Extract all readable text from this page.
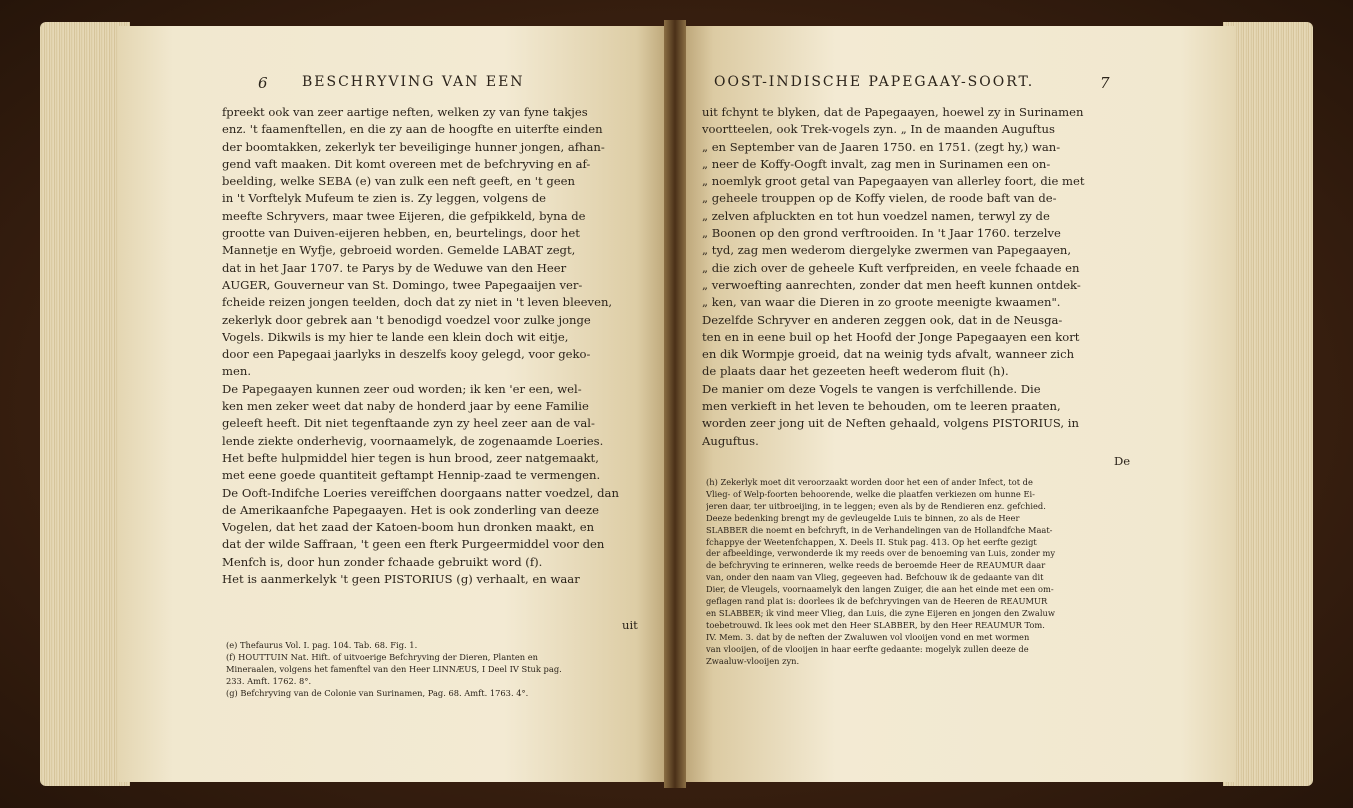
6 BESCHRYVING VAN EEN
fpreekt ook van zeer aartige neften, welken zy van fyne takjes
enz. 't faamenftellen, en die zy aan de hoogfte en uiterfte einden
der boomtakken, zekerlyk ter beveiliginge hunner jongen, afhan-
gend vaft maaken. Dit komt overeen met de befchryving en af-
beelding, welke SEBA (e) van zulk een neft geeft, en 't geen
in 't Vorftelyk Mufeum te zien is. Zy leggen, volgens de
meefte Schryvers, maar twee Eijeren, die gefpikkeld, byna de
grootte van Duiven-eijeren hebben, en, beurtelings, door het
Mannetje en Wyfje, gebroeid worden. Gemelde LABAT zegt,
dat in het Jaar 1707. te Parys by de Weduwe van den Heer
AUGER, Gouverneur van St. Domingo, twee Papegaaijen ver-
fcheide reizen jongen teelden, doch dat zy niet in 't leven bleeven,
zekerlyk door gebrek aan 't benodigd voedzel voor zulke jonge
Vogels. Dikwils is my hier te lande een klein doch wit eitje,
door een Papegaai jaarlyks in deszelfs kooy gelegd, voor geko-
men.
De Papegaayen kunnen zeer oud worden; ik ken 'er een, wel-
ken men zeker weet dat naby de honderd jaar by eene Familie
geleeft heeft. Dit niet tegenftaande zyn zy heel zeer aan de val-
lende ziekte onderhevig, voornaamelyk, de zogenaamde Loeries.
Het befte hulpmiddel hier tegen is hun brood, zeer natgemaakt,
met eene goede quantiteit geftampt Hennip-zaad te vermengen.
De Ooft-Indifche Loeries vereiffchen doorgaans natter voedzel, dan
de Amerikaanfche Papegaayen. Het is ook zonderling van deeze
Vogelen, dat het zaad der Katoen-boom hun dronken maakt, en
dat der wilde Saffraan, 't geen een fterk Purgeermiddel voor den
Menfch is, door hun zonder fchaade gebruikt word (f).
Het is aanmerkelyk 't geen PISTORIUS (g) verhaalt, en waar
uit
(e) Thefaurus Vol. I. pag. 104. Tab. 68. Fig. 1.
(f) HOUTTUIN Nat. Hift. of uitvoerige Befchryving der Dieren, Planten en
Mineraalen, volgens het famenftel van den Heer LINNÆUS, I Deel IV Stuk pag.
233. Amft. 1762. 8°.
(g) Befchryving van de Colonie van Surinamen, Pag. 68. Amft. 1763. 4°.
OOST-INDISCHE PAPEGAAY-SOORT.	7
uit fchynt te blyken, dat de Papegaayen, hoewel zy in Surinamen
voortteelen, ook Trek-vogels zyn. „ In de maanden Auguftus
„ en September van de Jaaren 1750. en 1751. (zegt hy,) wan-
„ neer de Koffy-Oogft invalt, zag men in Surinamen een on-
„ noemlyk groot getal van Papegaayen van allerley foort, die met
„ geheele trouppen op de Koffy vielen, de roode baft van de-
„ zelven afpluckten en tot hun voedzel namen, terwyl zy de
„ Boonen op den grond verftrooiden. In 't Jaar 1760. terzelve
„ tyd, zag men wederom diergelyke zwermen van Papegaayen,
„ die zich over de geheele Kuft verfpreiden, en veele fchaade en
„ verwoefting aanrechten, zonder dat men heeft kunnen ontdek-
„ ken, van waar die Dieren in zo groote meenigte kwaamen".
Dezelfde Schryver en anderen zeggen ook, dat in de Neusga-
ten en in eene buil op het Hoofd der Jonge Papegaayen een kort
en dik Wormpje groeid, dat na weinig tyds afvalt, wanneer zich
de plaats daar het gezeeten heeft wederom fluit (h).
De manier om deze Vogels te vangen is verfchillende. Die
men verkieft in het leven te behouden, om te leeren praaten,
worden zeer jong uit de Neften gehaald, volgens PISTORIUS, in
Auguftus.
De
(h) Zekerlyk moet dit veroorzaakt worden door het een of ander Infect, tot de
Vlieg- of Welp-foorten behoorende, welke die plaatfen verkiezen om hunne Ei-
jeren daar, ter uitbroeijing, in te leggen; even als by de Rendieren enz. gefchied.
Deeze bedenking brengt my de gevleugelde Luis te binnen, zo als de Heer
SLABBER die noemt en befchryft, in de Verhandelingen van de Hollandfche Maat-
fchappye der Weetenfchappen, X. Deels II. Stuk pag. 413. Op het eerfte gezigt
der afbeeldinge, verwonderde ik my reeds over de benoeming van Luis, zonder my
de befchryving te erinneren, welke reeds de beroemde Heer de REAUMUR daar
van, onder den naam van Vlieg, gegeeven had. Befchouw ik de gedaante van dit
Dier, de Vleugels, voornaamelyk den langen Zuiger, die aan het einde met een om-
geflagen rand plat is: doorlees ik de befchryvingen van de Heeren de REAUMUR
en SLABBER; ik vind meer Vlieg, dan Luis, die zyne Eijeren en jongen den Zwaluw
toebetrouwd. Ik lees ook met den Heer SLABBER, by den Heer REAUMUR Tom.
IV. Mem. 3. dat by de neften der Zwaluwen vol vlooijen vond en met wormen
van vlooijen, of de vlooijen in haar eerfte gedaante: mogelyk zullen deeze de
Zwaaluw-vlooijen zyn.
